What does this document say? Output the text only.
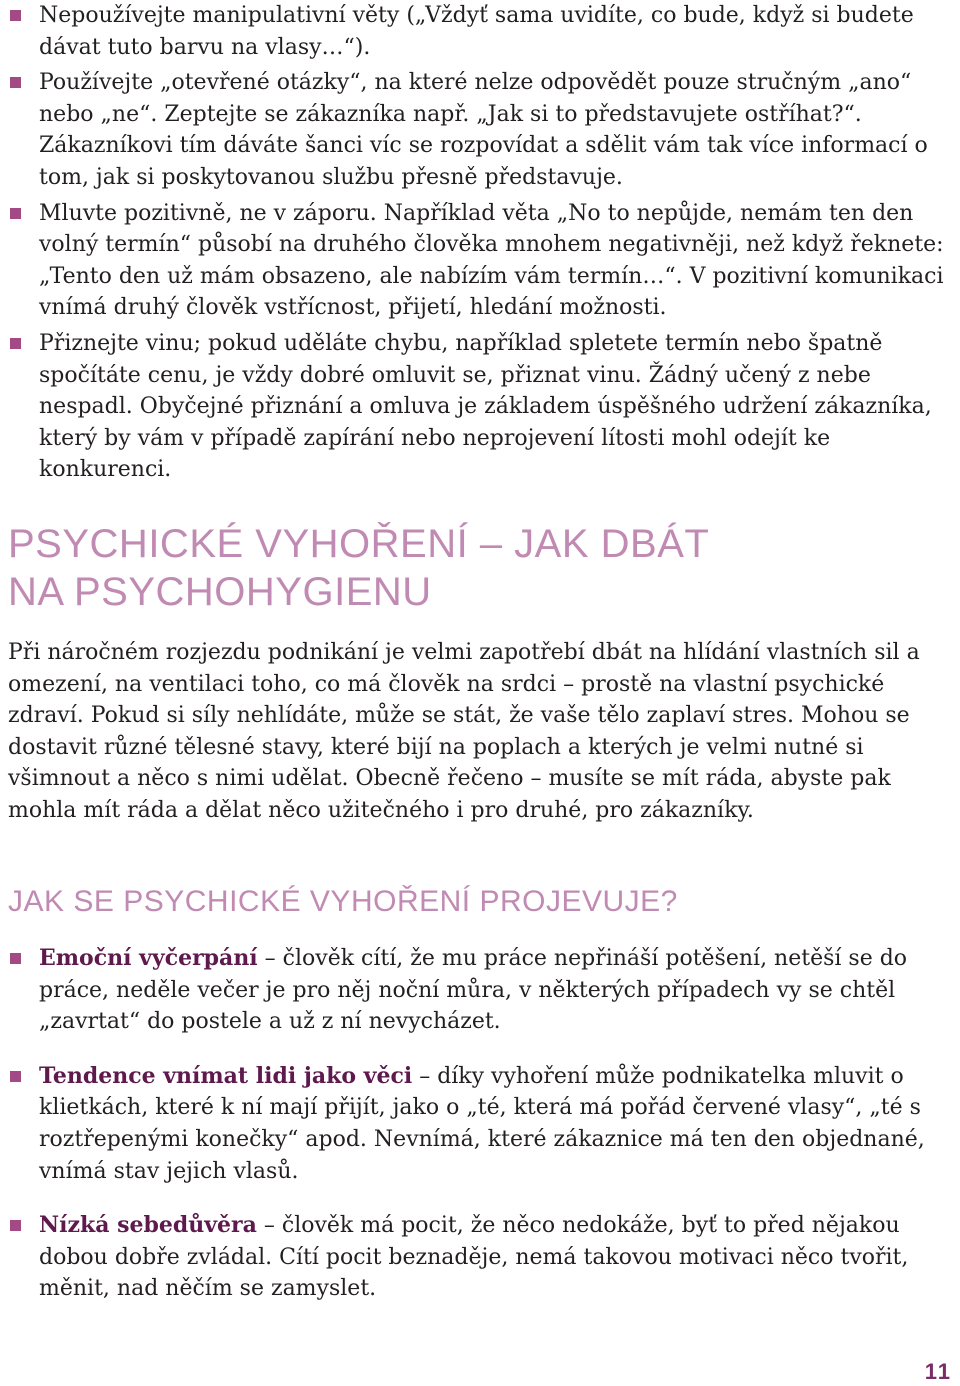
Nepoužívejte manipulativní věty („Vždyť sama uvidíte, co bude, když si budete dávat tuto barvu na vlasy…“).
Používejte „otevřené otázky“, na které nelze odpovědět pouze stručným „ano“ nebo „ne“. Zeptejte se zákazníka např. „Jak si to představujete ostříhat?“. Zákazníkovi tím dáváte šanci víc se rozpovídat a sdělit vám tak více informací o tom, jak si poskytovanou službu přesně představuje.
Mluvte pozitivně, ne v záporu. Například věta „No to nepůjde, nemám ten den volný termín“ působí na druhého člověka mnohem negativněji, než když řeknete: „Tento den už mám obsazeno, ale nabízím vám termín…“. V pozitivní komunikaci vnímá druhý člověk vstřícnost, přijetí, hledání možnosti.
Přiznejte vinu; pokud uděláte chybu, například spletete termín nebo špatně spočítáte cenu, je vždy dobré omluvit se, přiznat vinu. Žádný učený z nebe nespadl. Obyčejné přiznání a omluva je základem úspěšného udržení zákazníka, který by vám v případě zapírání nebo neprojevení lítosti mohl odejít ke konkurenci.
PSYCHICKÉ VYHOŘENÍ – JAK DBÁT
NA PSYCHOHYGIENU

Při náročném rozjezdu podnikání je velmi zapotřebí dbát na hlídání vlastních sil a omezení, na ventilaci toho, co má člověk na srdci – prostě na vlastní psychické zdraví. Pokud si síly nehlídáte, může se stát, že vaše tělo zaplaví stres. Mohou se dostavit různé tělesné stavy, které bijí na poplach a kterých je velmi nutné si všimnout a něco s nimi udělat. Obecně řečeno – musíte se mít ráda, abyste pak mohla mít ráda a dělat něco užitečného i pro druhé, pro zákazníky.

JAK SE PSYCHICKÉ VYHOŘENÍ PROJEVUJE?
Emoční vyčerpání – člověk cítí, že mu práce nepřináší potěšení, netěší se do práce, neděle večer je pro něj noční můra, v některých případech vy se chtěl „zavrtat“ do postele a už z ní nevycházet.
Tendence vnímat lidi jako věci – díky vyhoření může podnikatelka mluvit o klietkách, které k ní mají přijít, jako o „té, která má pořád červené vlasy“, „té s roztřepenými konečky“ apod. Nevnímá, které zákaznice má ten den objednané, vnímá stav jejich vlasů.
Nízká sebedůvěra – člověk má pocit, že něco nedokáže, byť to před nějakou dobou dobře zvládal. Cítí pocit beznaděje, nemá takovou motivaci něco tvořit, měnit, nad něčím se zamyslet.

11
